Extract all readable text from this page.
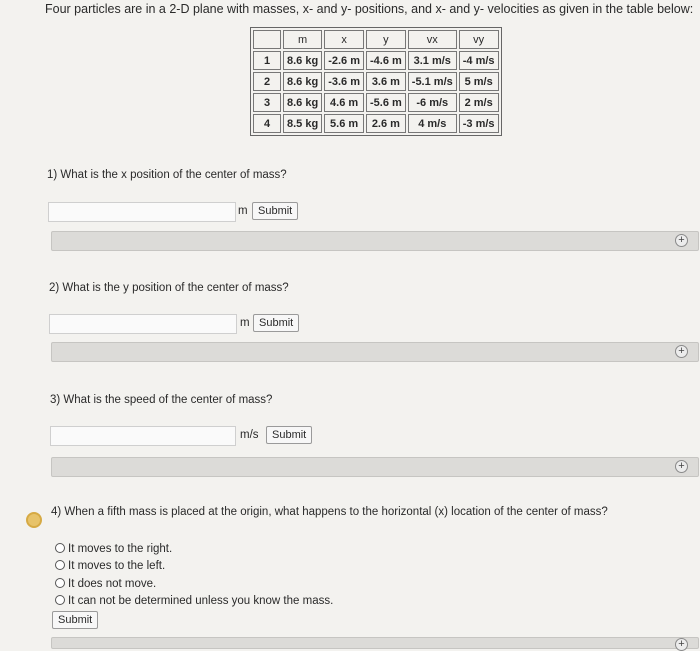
Four particles are in a 2-D plane with masses, x- and y- positions, and x- and y- velocities as given in the table below:
	m	x	y	vx	vy
1	8.6 kg	-2.6 m	-4.6 m	3.1 m/s	-4 m/s
2	8.6 kg	-3.6 m	3.6 m	-5.1 m/s	5 m/s
3	8.6 kg	4.6 m	-5.6 m	-6 m/s	2 m/s
4	8.5 kg	5.6 m	2.6 m	4 m/s	-3 m/s
1) What is the x position of the center of mass?
m Submit
+
2) What is the y position of the center of mass?
m Submit
+
3) What is the speed of the center of mass?
m/s	Submit
+
4) When a fifth mass is placed at the origin, what happens to the horizontal (x) location of the center of mass?
It moves to the right.
It moves to the left.
It does not move.
It can not be determined unless you know the mass.
Submit
+
